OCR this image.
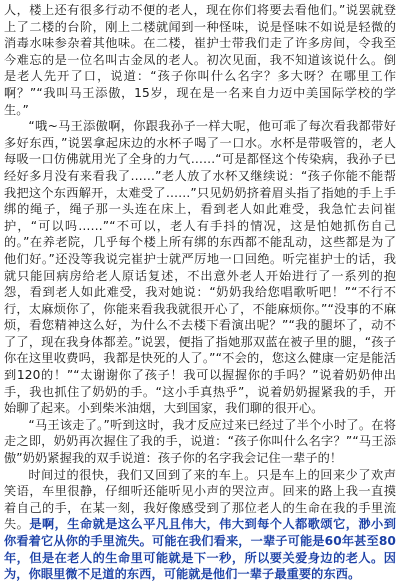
人，楼上还有很多行动不便的老人，现在你们将要去看他们。”说罢就登上了二楼的台阶，刚上二楼就闻到一种怪味，说是怪味不如说是轻微的消毒水味参杂着其他味。在二楼，崔护士带我们走了许多房间，令我至今难忘的是一位名叫古金凤的老人。初次见面，我不知道该说什么。倒是老人先开了口，说道：“孩子你叫什么名字？多大呀？在哪里工作啊？”“我叫马王添傲，15岁，现在是一名来自力迈中美国际学校的学生。”

“哦~马王添傲啊，你跟我孙子一样大呢，他可乖了每次看我都带好多好东西，”说罢拿起床边的水杯子喝了一口水。水杯是带吸管的，老人每吸一口仿佛就用光了全身的力气……“可是都怪这个传染病，我孙子已经好多月没有来看我了……”老人放了水杯又继续说：“孩子你能不能帮我把这个东西解开，太难受了……”只见奶奶挤着眉头指了指她的手上手绑的绳子，绳子那一头连在床上，看到老人如此难受，我急忙去问崔护，“可以吗……”“不可以，老人有手抖的情况，这是怕她抓伤自己的。”在养老院，几乎每个楼上所有绑的东西都不能乱动，这些都是为了他们好。”还没等我说完崔护士就严厉地一口回绝。听完崔护士的话，我就只能回病房给老人原话复述，不出意外老人开始进行了一系列的抱怨，看到老人如此难受，我对她说：“奶奶我给您唱歌听吧！”“不行不行，太麻烦你了，你能来看我我就很开心了，不能麻烦你。”“没事的不麻烦，看您精神这么好，为什么不去楼下看演出呢？”“我的腿坏了，动不了了，现在我身体都差。”说罢，便指了指她那双蓝在被子里的腿，“孩子你在这里收费吗，我都是快死的人了。”“不会的，您这么健康一定是能活到120的！”“太谢谢你了孩子！我可以握握你的手吗？”说着奶奶伸出手，我也抓住了奶奶的手。“这小手真热乎”，说着奶奶握紧我的手，开始聊了起来。小到柴米油烟，大到国家，我们聊的很开心。

“马王该走了。”听到这时，我才反应过来已经过了半个小时了。在将走之即，奶奶再次握住了我的手，说道：“孩子你叫什么名字？”“马王添傲”奶奶紧握我的双手说道：孩子你的名字我会记住一辈子的！

时间过的很快，我们又回到了来的车上。只是车上的回来少了欢声笑语，车里很静，仔细听还能听见小声的哭泣声。回来的路上我一直摸着自己的手，在某一刻，我好像感受到了那位老人的生命在我的手里流失。是啊，生命就是这么平凡且伟大，伟大到每个人都歌颂它，渺小到你看着它从你的手里流失。可能在我们看来，一辈子可能是60年甚至80年，但是在老人的生命里可能就是下一秒，所以要关爱身边的老人。因为，你眼里微不足道的东西，可能就是他们一辈子最重要的东西。
